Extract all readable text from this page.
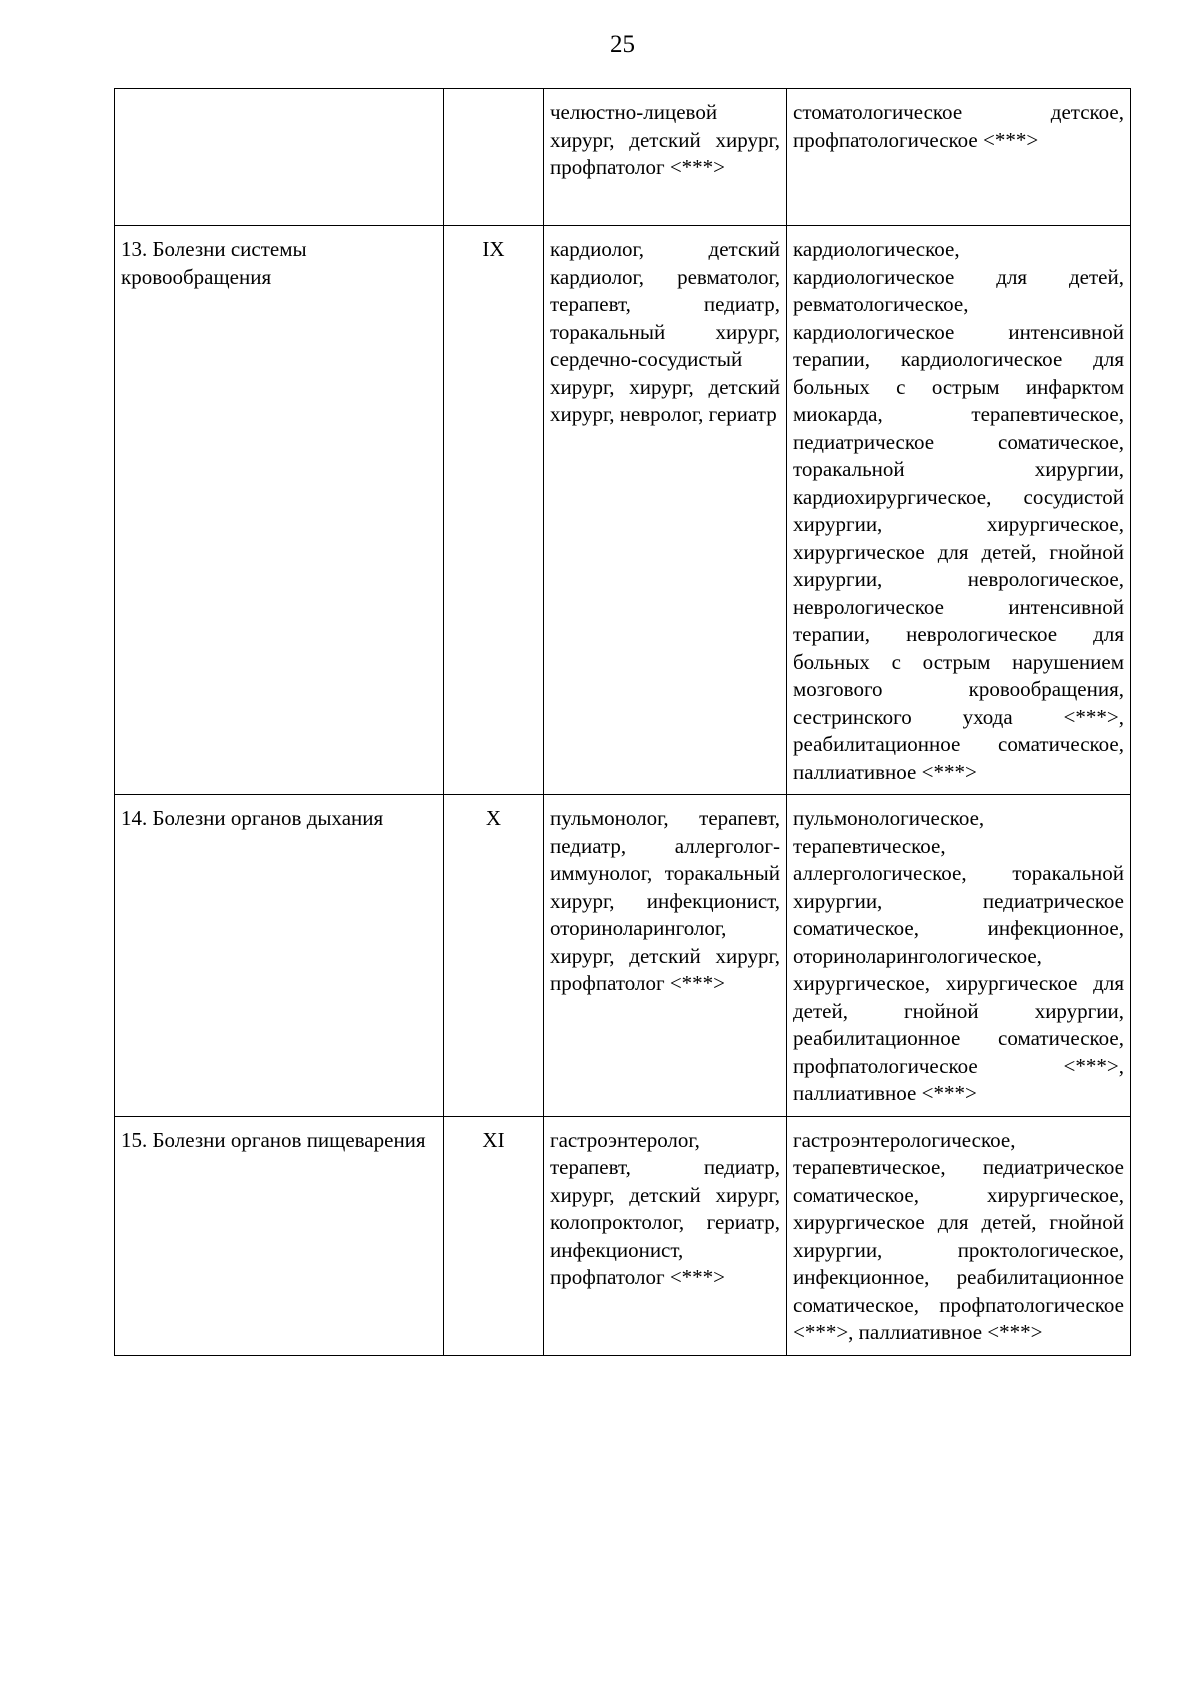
25
		челюстно-лицевой хирург, детский хирург, профпатолог <***>	стоматологическое детское, профпатологическое <***>
13. Болезни системы кровообращения	IX	кардиолог, детский кардиолог, ревматолог, терапевт, педиатр, торакальный хирург, сердечно-сосудистый хирург, хирург, детский хирург, невролог, гериатр	кардиологическое, кардиологическое для детей, ревматологическое, кардиологическое интенсивной терапии, кардиологическое для больных с острым инфарктом миокарда, терапевтическое, педиатрическое соматическое, торакальной хирургии, кардиохирургическое, сосудистой хирургии, хирургическое, хирургическое для детей, гнойной хирургии, неврологическое, неврологическое интенсивной терапии, неврологическое для больных с острым нарушением мозгового кровообращения, сестринского ухода <***>, реабилитационное соматическое, паллиативное <***>
14. Болезни органов дыхания	X	пульмонолог, терапевт, педиатр, аллерголог-иммунолог, торакальный хирург, инфекционист, оториноларинголог, хирург, детский хирург, профпатолог <***>	пульмонологическое, терапевтическое, аллергологическое, торакальной хирургии, педиатрическое соматическое, инфекционное, оториноларингологическое, хирургическое, хирургическое для детей, гнойной хирургии, реабилитационное соматическое, профпатологическое <***>, паллиативное <***>
15. Болезни органов пищеварения	XI	гастроэнтеролог, терапевт, педиатр, хирург, детский хирург, колопроктолог, гериатр, инфекционист, профпатолог <***>	гастроэнтерологическое, терапевтическое, педиатрическое соматическое, хирургическое, хирургическое для детей, гнойной хирургии, проктологическое, инфекционное, реабилитационное соматическое, профпатологическое <***>, паллиативное <***>
